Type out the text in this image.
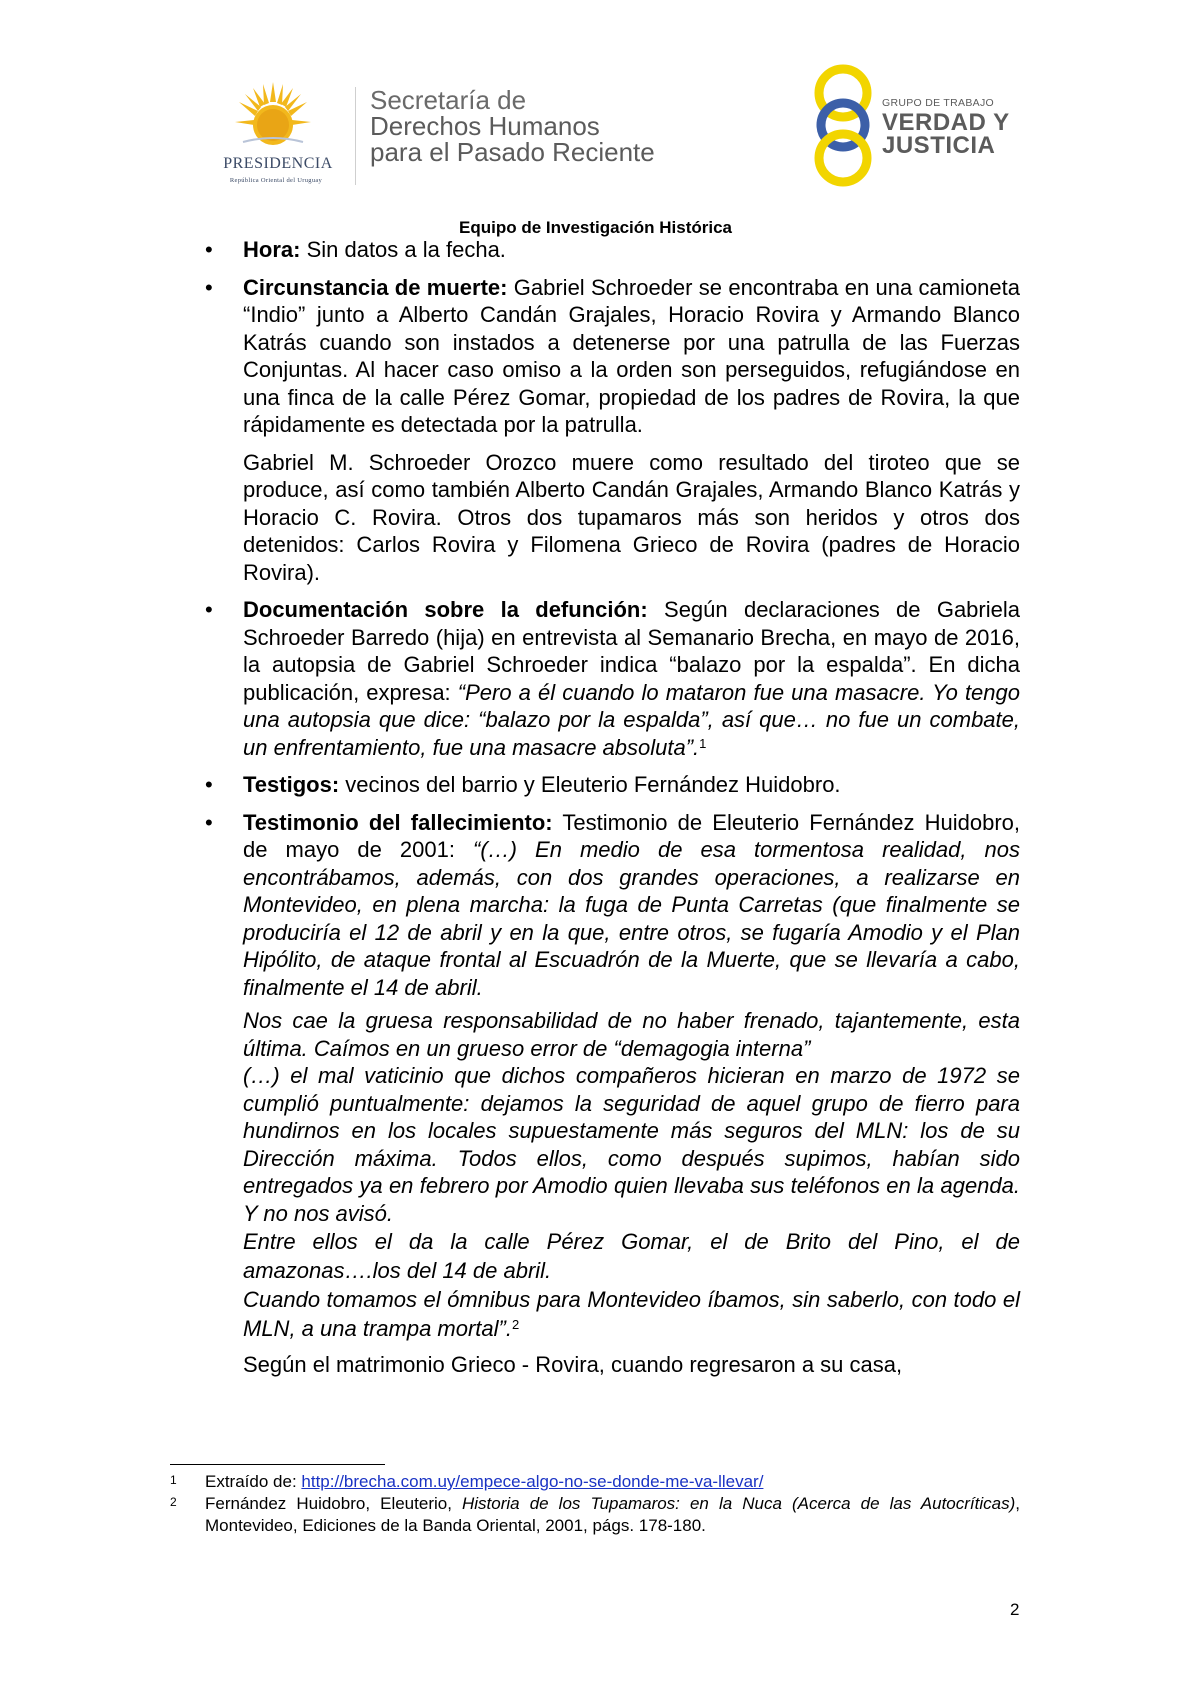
PRESIDENCIA
República Oriental del Uruguay
Secretaría de
Derechos Humanos
para el Pasado Reciente
GRUPO DE TRABAJO
VERDAD Y
JUSTICIA
Equipo de Investigación Histórica
• Hora: Sin datos a la fecha.
• Circunstancia de muerte: Gabriel Schroeder se encontraba en una camioneta “Indio” junto a Alberto Candán Grajales, Horacio Rovira y Armando Blanco Katrás cuando son instados a detenerse por una patrulla de las Fuerzas Conjuntas. Al hacer caso omiso a la orden son perseguidos, refugiándose en una finca de la calle Pérez Gomar, propiedad de los padres de Rovira, la que rápidamente es detectada por la patrulla.
Gabriel M. Schroeder Orozco muere como resultado del tiroteo que se produce, así como también Alberto Candán Grajales, Armando Blanco Katrás y Horacio C. Rovira. Otros dos tupamaros más son heridos y otros dos detenidos: Carlos Rovira y Filomena Grieco de Rovira (padres de Horacio Rovira).
• Documentación sobre la defunción: Según declaraciones de Gabriela Schroeder Barredo (hija) en entrevista al Semanario Brecha, en mayo de 2016, la autopsia de Gabriel Schroeder indica “balazo por la espalda”. En dicha publicación, expresa: “Pero a él cuando lo mataron fue una masacre. Yo tengo una autopsia que dice: “balazo por la espalda”, así que… no fue un combate, un enfrentamiento, fue una masacre absoluta”.$^1$
• Testigos: vecinos del barrio y Eleuterio Fernández Huidobro.
• Testimonio del fallecimiento: Testimonio de Eleuterio Fernández Huidobro, de mayo de 2001: “(…) En medio de esa tormentosa realidad, nos encontrábamos, además, con dos grandes operaciones, a realizarse en Montevideo, en plena marcha: la fuga de Punta Carretas (que finalmente se produciría el 12 de abril y en la que, entre otros, se fugaría Amodio y el Plan Hipólito, de ataque frontal al Escuadrón de la Muerte, que se llevaría a cabo, finalmente el 14 de abril.
Nos cae la gruesa responsabilidad de no haber frenado, tajantemente, esta última. Caímos en un grueso error de “demagogia interna”
(…) el mal vaticinio que dichos compañeros hicieran en marzo de 1972 se cumplió puntualmente: dejamos la seguridad de aquel grupo de fierro para hundirnos en los locales supuestamente más seguros del MLN: los de su Dirección máxima. Todos ellos, como después supimos, habían sido entregados ya en febrero por Amodio quien llevaba sus teléfonos en la agenda. Y no nos avisó.
Entre ellos el da la calle Pérez Gomar, el de Brito del Pino, el de amazonas….los del 14 de abril.
Cuando tomamos el ómnibus para Montevideo íbamos, sin saberlo, con todo el MLN, a una trampa mortal”.$^2$
Según el matrimonio Grieco - Rovira, cuando regresaron a su casa,
1 Extraído de: http://brecha.com.uy/empece-algo-no-se-donde-me-va-llevar/
2 Fernández Huidobro, Eleuterio, Historia de los Tupamaros: en la Nuca (Acerca de las Autocríticas), Montevideo, Ediciones de la Banda Oriental, 2001, págs. 178-180.
2
